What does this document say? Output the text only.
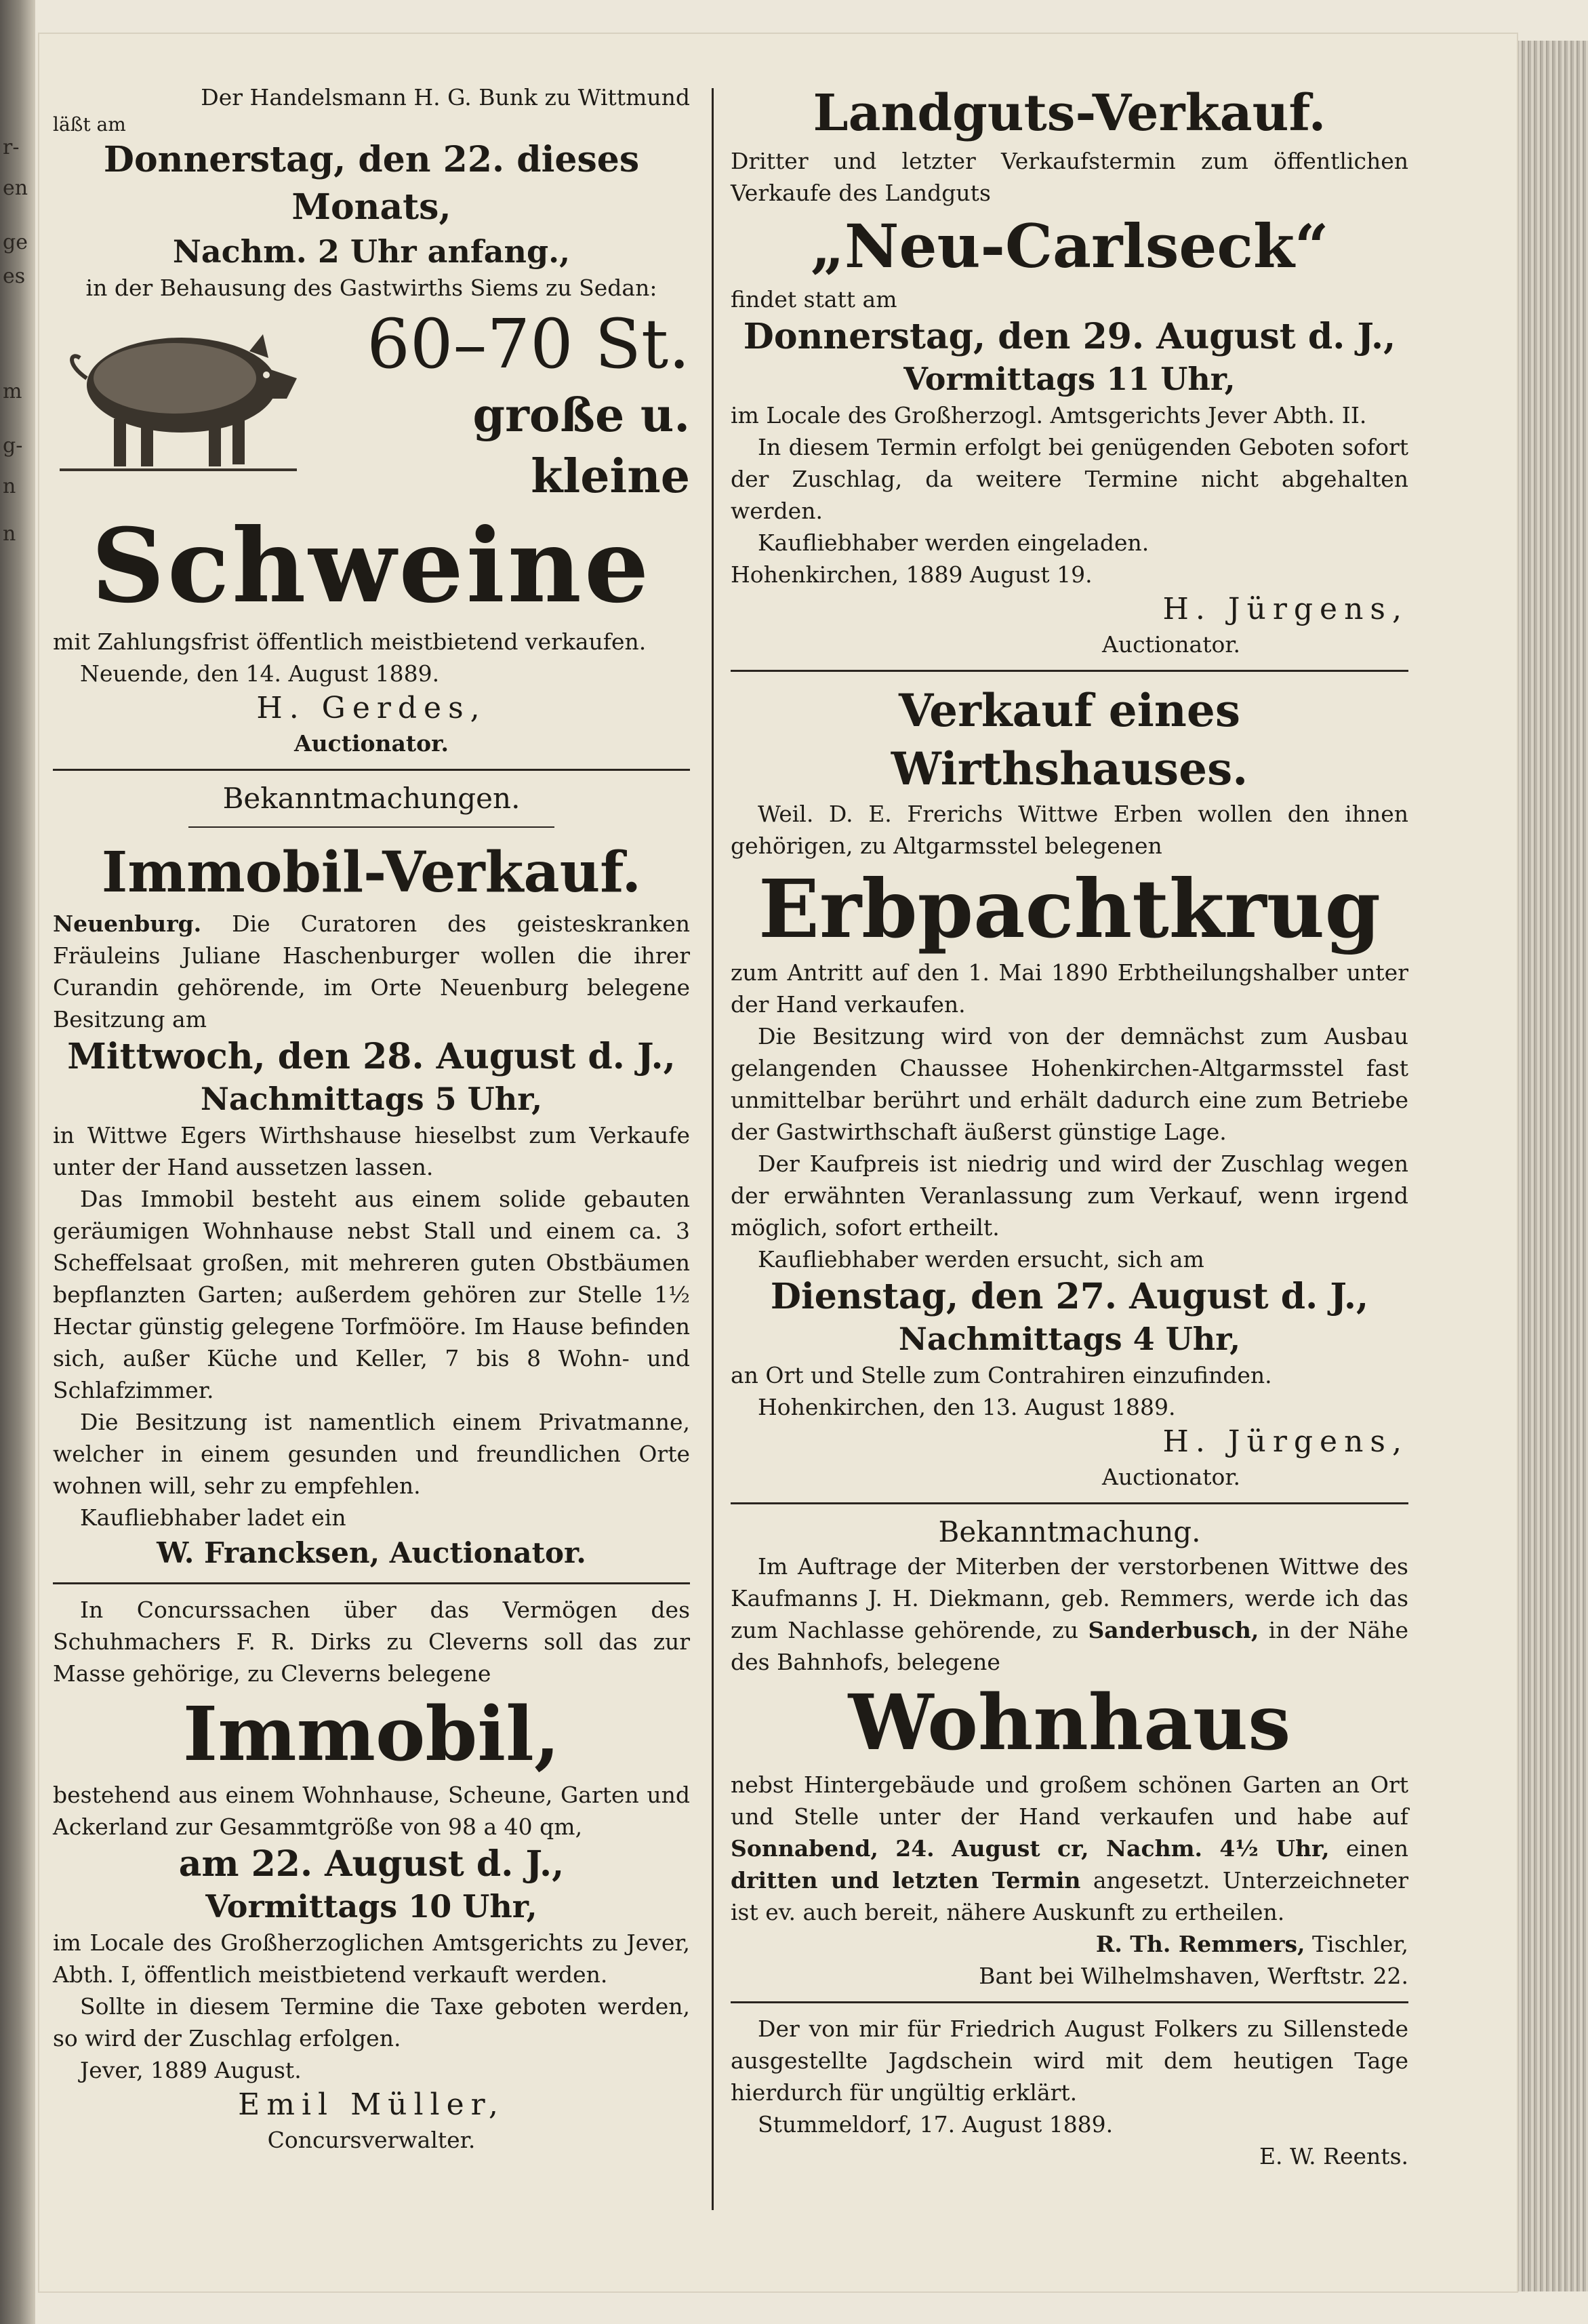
r-
en
ge
es
m
g-
n
n

Der Handelsmann H. G. Bunk zu Wittmund

läßt am

Donnerstag, den 22. dieses Monats,

Nachm. 2 Uhr anfang.,

in der Behausung des Gastwirths Siems zu Sedan:

60–70 St.

große u. kleine

Schweine

mit Zahlungsfrist öffentlich meistbietend verkaufen.

Neuende, den 14. August 1889.

H. Gerdes,

Auctionator.

Bekanntmachungen.

Immobil-Verkauf.

Neuenburg. Die Curatoren des geisteskranken Fräuleins Juliane Haschenburger wollen die ihrer Curandin gehörende, im Orte Neuenburg belegene Besitzung am

Mittwoch, den 28. August d. J.,

Nachmittags 5 Uhr,

in Wittwe Egers Wirthshause hieselbst zum Verkaufe unter der Hand aussetzen lassen.

Das Immobil besteht aus einem solide gebauten geräumigen Wohnhause nebst Stall und einem ca. 3 Scheffelsaat großen, mit mehreren guten Obstbäumen bepflanzten Garten; außerdem gehören zur Stelle 1½ Hectar günstig gelegene Torfmööre. Im Hause befinden sich, außer Küche und Keller, 7 bis 8 Wohn- und Schlafzimmer.

Die Besitzung ist namentlich einem Privatmanne, welcher in einem gesunden und freundlichen Orte wohnen will, sehr zu empfehlen.

Kaufliebhaber ladet ein

W. Francksen, Auctionator.

In Concurssachen über das Vermögen des Schuhmachers F. R. Dirks zu Cleverns soll das zur Masse gehörige, zu Cleverns belegene

Immobil,

bestehend aus einem Wohnhause, Scheune, Garten und Ackerland zur Gesammtgröße von 98 a 40 qm,

am 22. August d. J.,

Vormittags 10 Uhr,

im Locale des Großherzoglichen Amtsgerichts zu Jever, Abth. I, öffentlich meistbietend verkauft werden.

Sollte in diesem Termine die Taxe geboten werden, so wird der Zuschlag erfolgen.

Jever, 1889 August.

Emil Müller,

Concursverwalter.

Landguts-Verkauf.

Dritter und letzter Verkaufstermin zum öffentlichen Verkaufe des Landguts

„Neu-Carlseck“

findet statt am

Donnerstag, den 29. August d. J.,

Vormittags 11 Uhr,

im Locale des Großherzogl. Amtsgerichts Jever Abth. II.

In diesem Termin erfolgt bei genügenden Geboten sofort der Zuschlag, da weitere Termine nicht abgehalten werden.

Kaufliebhaber werden eingeladen.

Hohenkirchen, 1889 August 19.

H. Jürgens,

Auctionator.

Verkauf eines Wirthshauses.

Weil. D. E. Frerichs Wittwe Erben wollen den ihnen gehörigen, zu Altgarmsstel belegenen

Erbpachtkrug

zum Antritt auf den 1. Mai 1890 Erbtheilungshalber unter der Hand verkaufen.

Die Besitzung wird von der demnächst zum Ausbau gelangenden Chaussee Hohenkirchen-Altgarmsstel fast unmittelbar berührt und erhält dadurch eine zum Betriebe der Gastwirthschaft äußerst günstige Lage.

Der Kaufpreis ist niedrig und wird der Zuschlag wegen der erwähnten Veranlassung zum Verkauf, wenn irgend möglich, sofort ertheilt.

Kaufliebhaber werden ersucht, sich am

Dienstag, den 27. August d. J.,

Nachmittags 4 Uhr,

an Ort und Stelle zum Contrahiren einzufinden.

Hohenkirchen, den 13. August 1889.

H. Jürgens,

Auctionator.

Bekanntmachung.

Im Auftrage der Miterben der verstorbenen Wittwe des Kaufmanns J. H. Diekmann, geb. Remmers, werde ich das zum Nachlasse gehörende, zu Sanderbusch, in der Nähe des Bahnhofs, belegene

Wohnhaus

nebst Hintergebäude und großem schönen Garten an Ort und Stelle unter der Hand verkaufen und habe auf Sonnabend, 24. August cr, Nachm. 4½ Uhr, einen dritten und letzten Termin angesetzt. Unterzeichneter ist ev. auch bereit, nähere Auskunft zu ertheilen.

R. Th. Remmers, Tischler,

Bant bei Wilhelmshaven, Werftstr. 22.

Der von mir für Friedrich August Folkers zu Sillenstede ausgestellte Jagdschein wird mit dem heutigen Tage hierdurch für ungültig erklärt.

Stummeldorf, 17. August 1889.

E. W. Reents.
